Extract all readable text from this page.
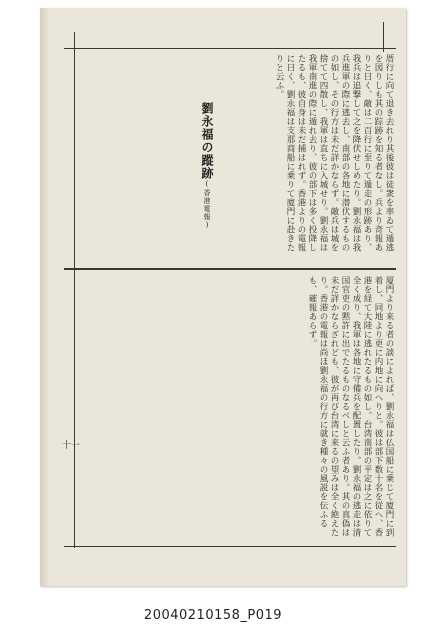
厝行に向て退き去れり其後彼は徒衆を率ゐて遁逃を図りしも其の踪跡を知る者なし。兵より奇報ありと曰く、敵は二百行に至りて遁走の形跡あり、我兵は追撃して之を降伏せしめたり。劉永福は我兵進軍の際に逃去し、南部の各地に潜伏するものの如し、その行方は未だ詳かならず。敵兵は城を捨てて四散し、我軍は直ちに入城せり。劉永福は我軍南進の際に遁れ去り、彼の部下は多く投降したるも、彼自身は未だ捕はれず。香港よりの電報に曰く、劉永福は支那商船に乗りて廈門に赴きたりと云ふ。
劉永福の蹤跡(香港電報)
厦門より来る者の談によれば、劉永福は仏国船に乗じて廈門に到着し、同地より更に内地に向へりと。彼は部下数十名を従へ、香港を経て大陸に逃れたるもの如し。台湾南部の平定は之に依りて全く成り、我軍は各地に守備兵を配置したり。劉永福の逃走は清国官吏の黙許に出でたるものなるべしと云ふ者あり。其の真偽は未だ詳かならざれども、彼が再び台湾に来るの望みは全く絶えたり。香港の電報は尚ほ劉永福の行方に就き種々の風説を伝ふるも、確報あらず。
十一
20040210158_P019
